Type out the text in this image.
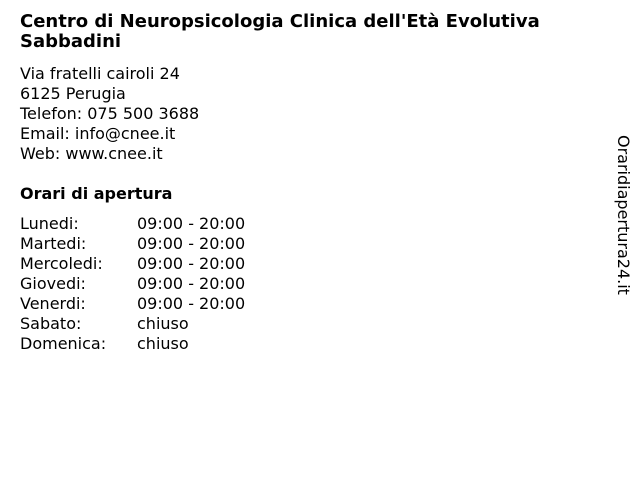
Centro di Neuropsicologia Clinica dell'Età Evolutiva Sabbadini
Via fratelli cairoli 24
6125 Perugia
Telefon: 075 500 3688
Email: info@cnee.it
Web: www.cnee.it
Orari di apertura
Lunedi:	09:00 - 20:00
Martedi:	09:00 - 20:00
Mercoledi:	09:00 - 20:00
Giovedi:	09:00 - 20:00
Venerdi:	09:00 - 20:00
Sabato:	chiuso
Domenica:	chiuso
Oraridiapertura24.it
